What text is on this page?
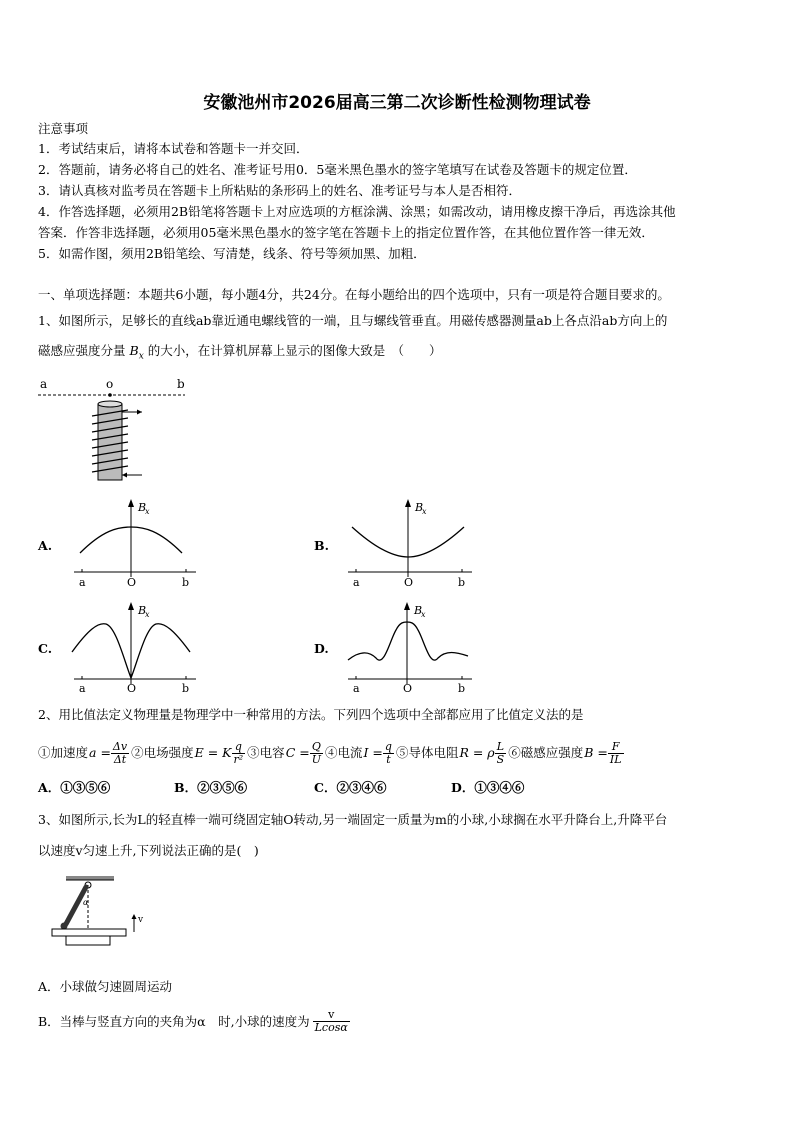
安徽池州市2026届高三第二次诊断性检测物理试卷
注意事项
1．考试结束后，请将本试卷和答题卡一并交回．
2．答题前，请务必将自己的姓名、准考证号用0．5毫米黑色墨水的签字笔填写在试卷及答题卡的规定位置．
3．请认真核对监考员在答题卡上所粘贴的条形码上的姓名、准考证号与本人是否相符．
4．作答选择题，必须用2B铅笔将答题卡上对应选项的方框涂满、涂黑；如需改动，请用橡皮擦干净后，再选涂其他
答案．作答非选择题，必须用05毫米黑色墨水的签字笔在答题卡上的指定位置作答，在其他位置作答一律无效．
5．如需作图，须用2B铅笔绘、写清楚，线条、符号等须加黑、加粗．
一、单项选择题：本题共6小题，每小题4分，共24分。在每小题给出的四个选项中，只有一项是符合题目要求的。
1、如图所示，足够长的直线ab靠近通电螺线管的一端，且与螺线管垂直。用磁传感器测量ab上各点沿ab方向上的
磁感应强度分量 $B_x$ 的大小，在计算机屏幕上显示的图像大致是　（　　）
a	o	b
A.	B.
C.	D.
B
x
a	O	b
B
x
a	O	b
B
x
a	O	b
B
x
a	O	b
2、用比值法定义物理量是物理学中一种常用的方法。下列四个选项中全部都应用了比值定义法的是
①加速度 $a = \frac{\Delta v}{\Delta t}$ ②电场强度 E = K $\frac{q}{\text{r²}}$ ③电容 $C = \frac{Q}{U}$ ④电流 $I = \frac{q}{t}$ ⑤导体电阻 R = ρ $\frac{L}{S}$ ⑥磁感应强度 $B = \frac{F}{IL}$
A．①③⑤⑥	B．②③⑤⑥	C．②③④⑥	D．①③④⑥
3、如图所示,长为L的轻直棒一端可绕固定轴O转动,另一端固定一质量为m的小球,小球搁在水平升降台上,升降平台
以速度v匀速上升,下列说法正确的是(　)
α
v
A．小球做匀速圆周运动
B．当棒与竖直方向的夹角为α　时,小球的速度为 $\frac{v}{Lcos\alpha}$
